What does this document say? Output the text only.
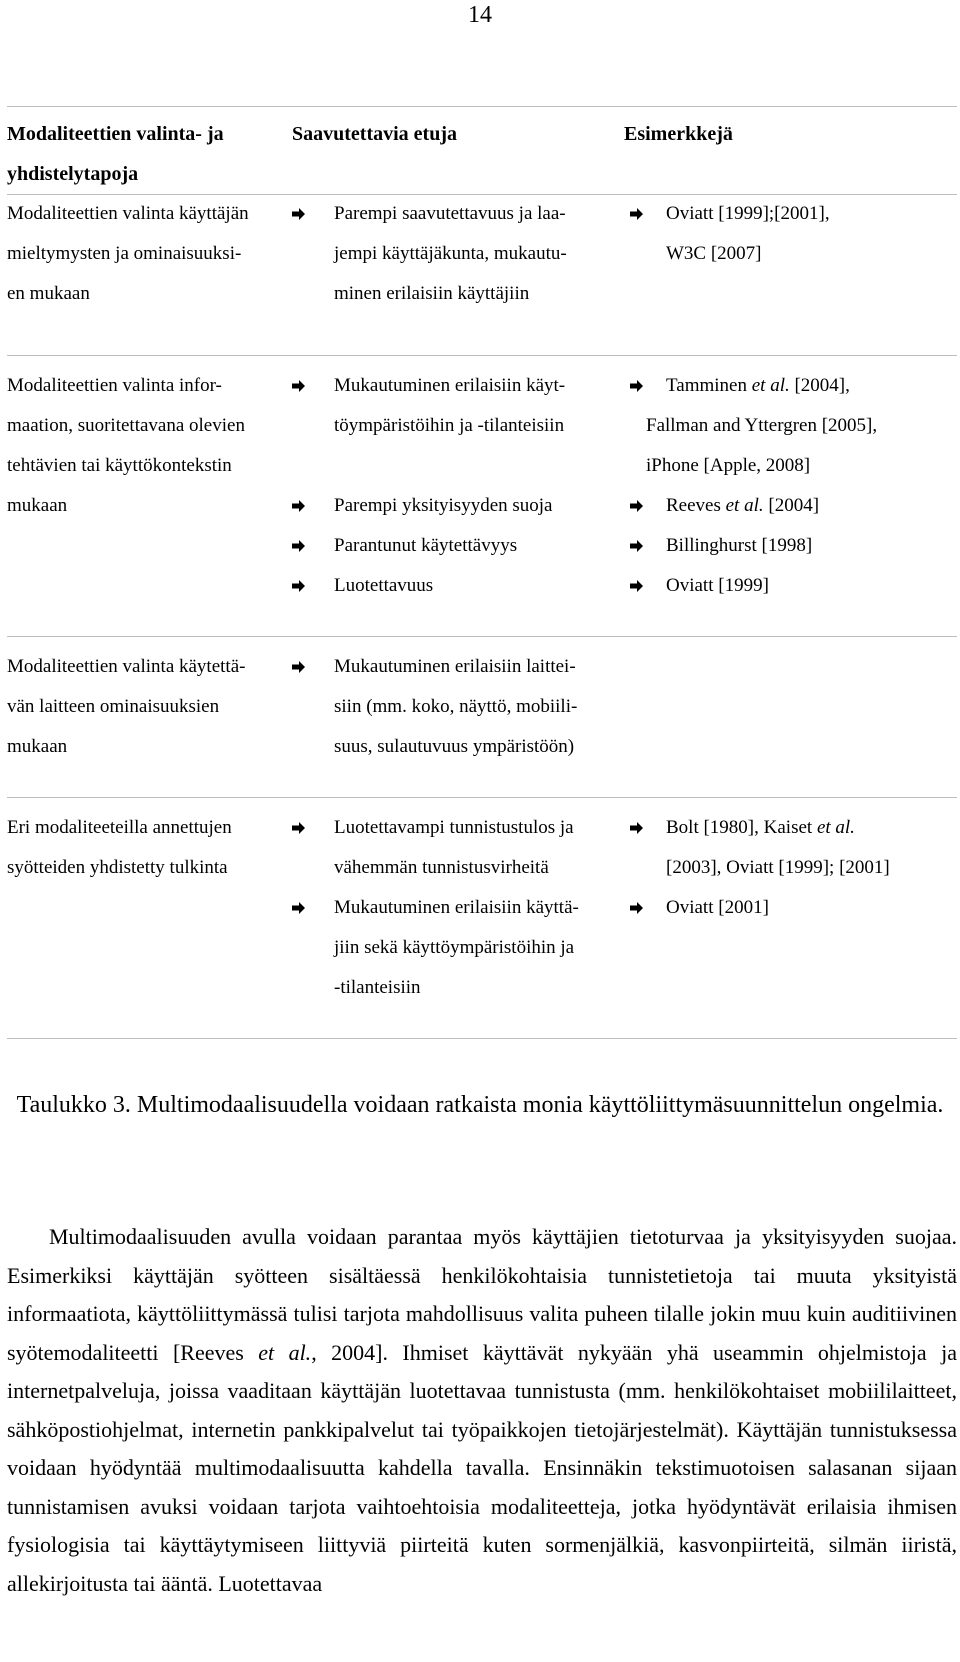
14
Modaliteettien valinta- ja
yhdistelytapoja
Saavutettavia etuja	Esimerkkejä
Modaliteettien valinta käyttäjän
mieltymysten ja ominaisuuksi-
en mukaan
Parempi saavutettavuus ja laa-
jempi käyttäjäkunta, mukautu-
minen erilaisiin käyttäjiin
Oviatt [1999];[2001],
W3C [2007]
Modaliteettien valinta infor-
maation, suoritettavana olevien
tehtävien tai käyttökontekstin
mukaan
Mukautuminen erilaisiin käyt-
töympäristöihin ja -tilanteisiin
Parempi yksityisyyden suoja
Parantunut käytettävyys
Luotettavuus
Tamminen et al. [2004],
Fallman and Yttergren [2005],
iPhone [Apple, 2008]
Reeves et al. [2004]
Billinghurst [1998]
Oviatt [1999]
Modaliteettien valinta käytettä-
vän laitteen ominaisuuksien
mukaan
Mukautuminen erilaisiin laittei-
siin (mm. koko, näyttö, mobiili-
suus, sulautuvuus ympäristöön)
Eri modaliteeteilla annettujen
syötteiden yhdistetty tulkinta
Luotettavampi tunnistustulos ja
vähemmän tunnistusvirheitä
Mukautuminen erilaisiin käyttä-
jiin sekä käyttöympäristöihin ja
-tilanteisiin
Bolt [1980], Kaiset et al.
[2003], Oviatt [1999]; [2001]
Oviatt [2001]
Taulukko 3. Multimodaalisuudella voidaan ratkaista monia käyttöliittymäsuunnittelun ongelmia.

Multimodaalisuuden avulla voidaan parantaa myös käyttäjien tietoturvaa ja yksityisyyden suojaa. Esimerkiksi käyttäjän syötteen sisältäessä henkilökohtaisia tunnistetietoja tai muuta yksityistä informaatiota, käyttöliittymässä tulisi tarjota mahdollisuus valita puheen tilalle jokin muu kuin auditiivinen syötemodaliteetti [Reeves et al., 2004]. Ihmiset käyttävät nykyään yhä useammin ohjelmistoja ja internetpalveluja, joissa vaaditaan käyttäjän luotettavaa tunnistusta (mm. henkilökohtaiset mobiililaitteet, sähköpostiohjelmat, internetin pankkipalvelut tai työpaikkojen tietojärjestelmät). Käyttäjän tunnistuksessa voidaan hyödyntää multimodaalisuutta kahdella tavalla. Ensinnäkin tekstimuotoisen salasanan sijaan tunnistamisen avuksi voidaan tarjota vaihtoehtoisia modaliteetteja, jotka hyödyntävät erilaisia ihmisen fysiologisia tai käyttäytymiseen liittyviä piirteitä kuten sormenjälkiä, kasvonpiirteitä, silmän iiristä, allekirjoitusta tai ääntä. Luotettavaa
